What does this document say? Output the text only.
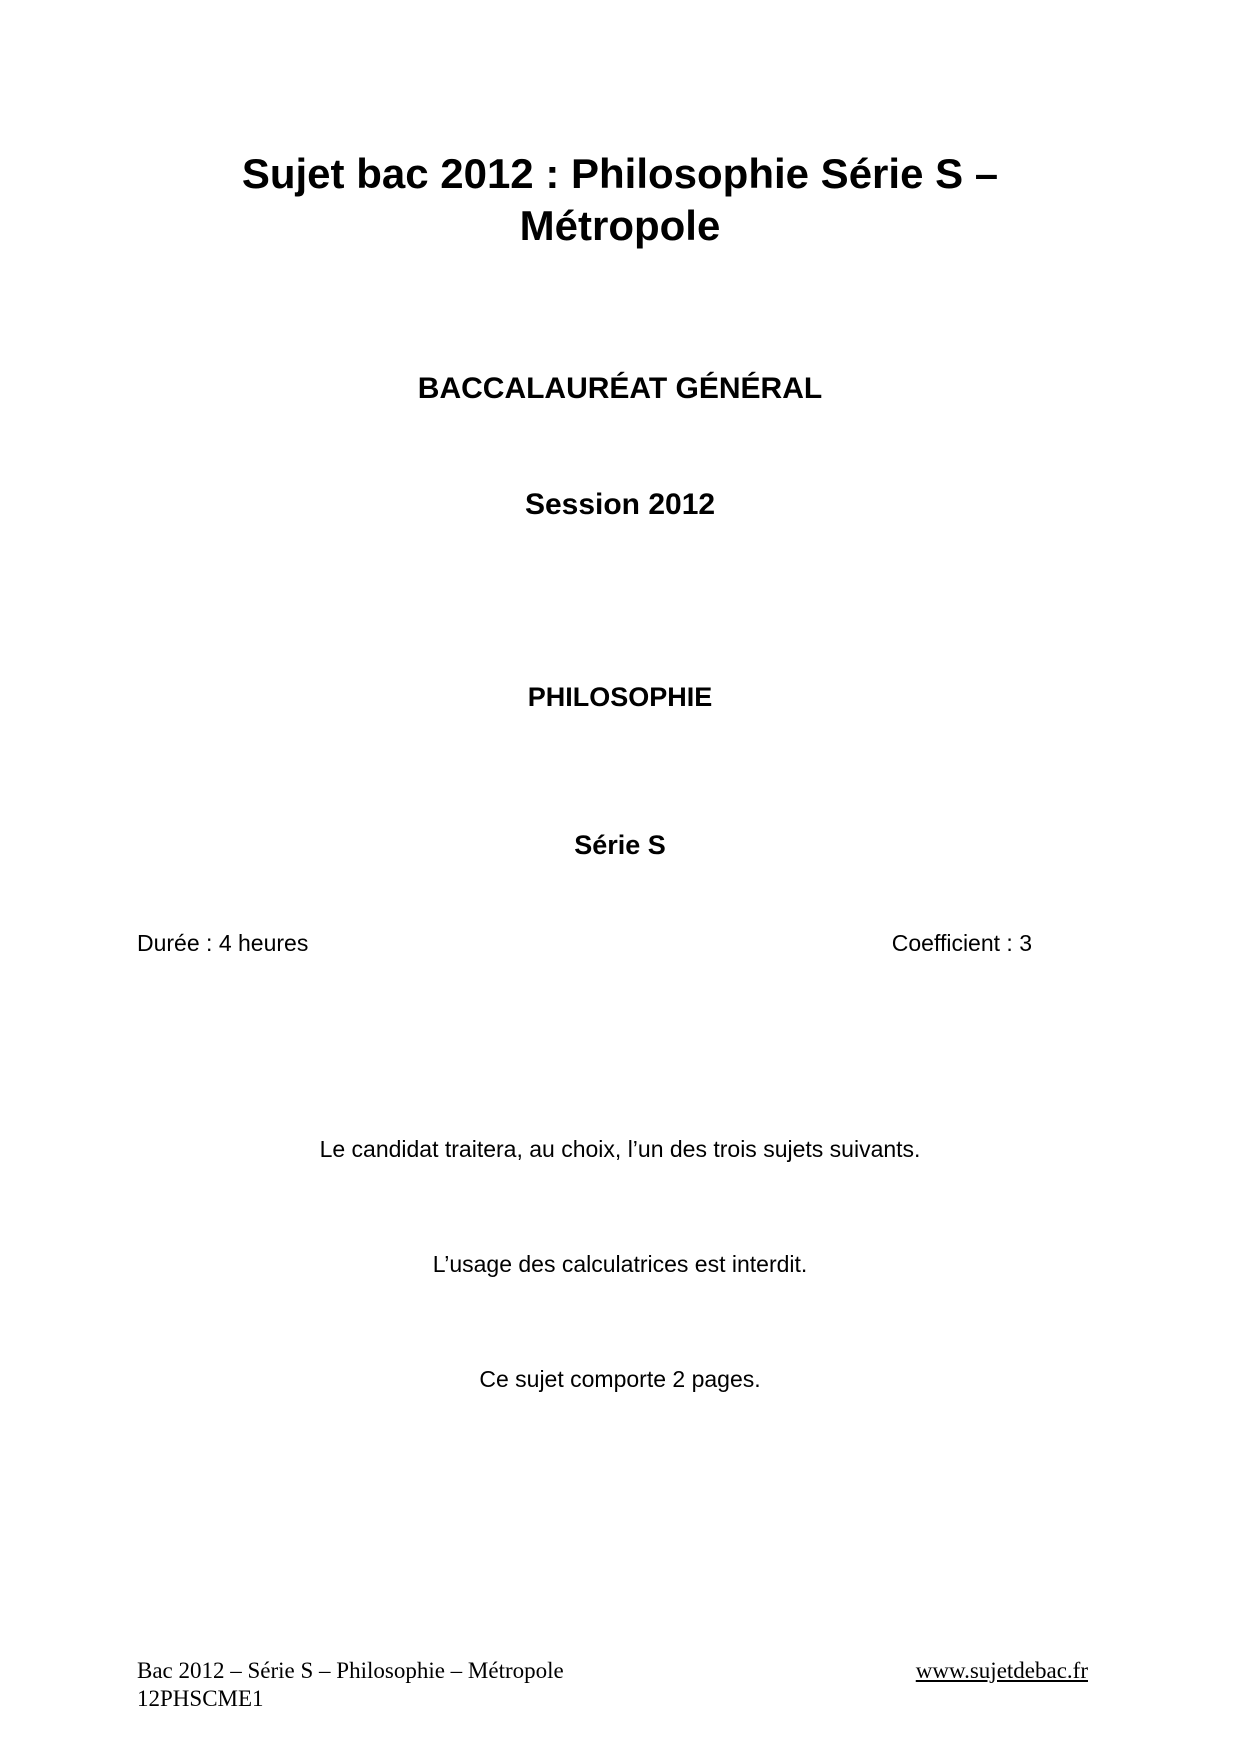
Sujet bac 2012 : Philosophie Série S –
Métropole
BACCALAURÉAT GÉNÉRAL
Session 2012
PHILOSOPHIE
Série S
Durée : 4 heures	Coefficient : 3
Le candidat traitera, au choix, l’un des trois sujets suivants.
L’usage des calculatrices est interdit.
Ce sujet comporte 2 pages.
Bac 2012 – Série S – Philosophie – Métropole
12PHSCME1
www.sujetdebac.fr
